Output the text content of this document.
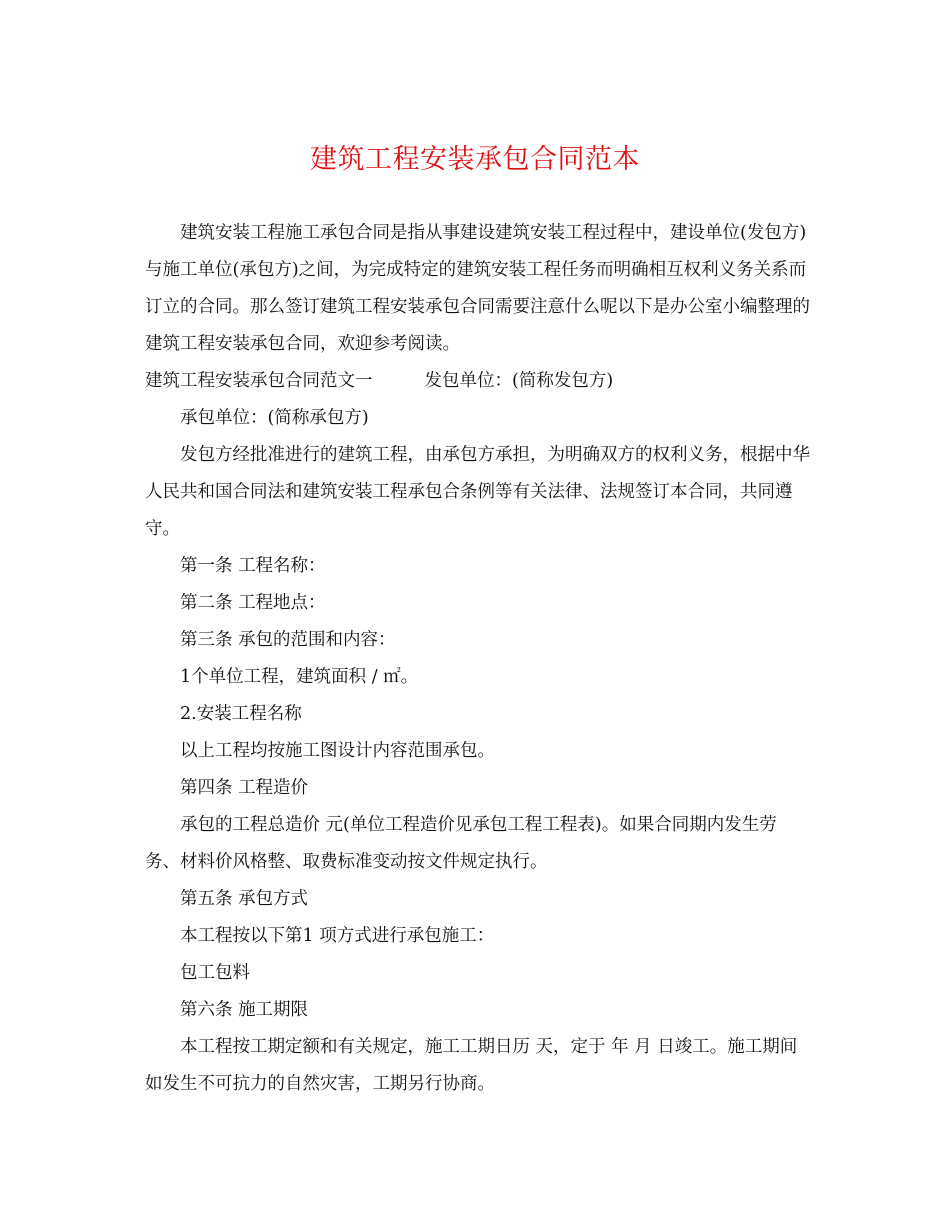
建筑工程安装承包合同范本

建筑安装工程施工承包合同是指从事建设建筑安装工程过程中，建设单位(发包方)与施工单位(承包方)之间，为完成特定的建筑安装工程任务而明确相互权利义务关系而订立的合同。那么签订建筑工程安装承包合同需要注意什么呢以下是办公室小编整理的建筑工程安装承包合同，欢迎参考阅读。

建筑工程安装承包合同范文一	发包单位：(简称发包方)

承包单位：(简称承包方)

发包方经批准进行的建筑工程，由承包方承担，为明确双方的权利义务，根据中华人民共和国合同法和建筑安装工程承包合条例等有关法律、法规签订本合同，共同遵守。

第一条 工程名称：

第二条 工程地点：

第三条 承包的范围和内容：

1个单位工程，建筑面积 / ㎡。

2.安装工程名称

以上工程均按施工图设计内容范围承包。

第四条 工程造价

承包的工程总造价 元(单位工程造价见承包工程工程表)。如果合同期内发生劳务、材料价风格整、取费标准变动按文件规定执行。

第五条 承包方式

本工程按以下第1 项方式进行承包施工：

包工包料

第六条 施工期限

本工程按工期定额和有关规定，施工工期日历 天，定于 年 月 日竣工。施工期间如发生不可抗力的自然灾害，工期另行协商。
